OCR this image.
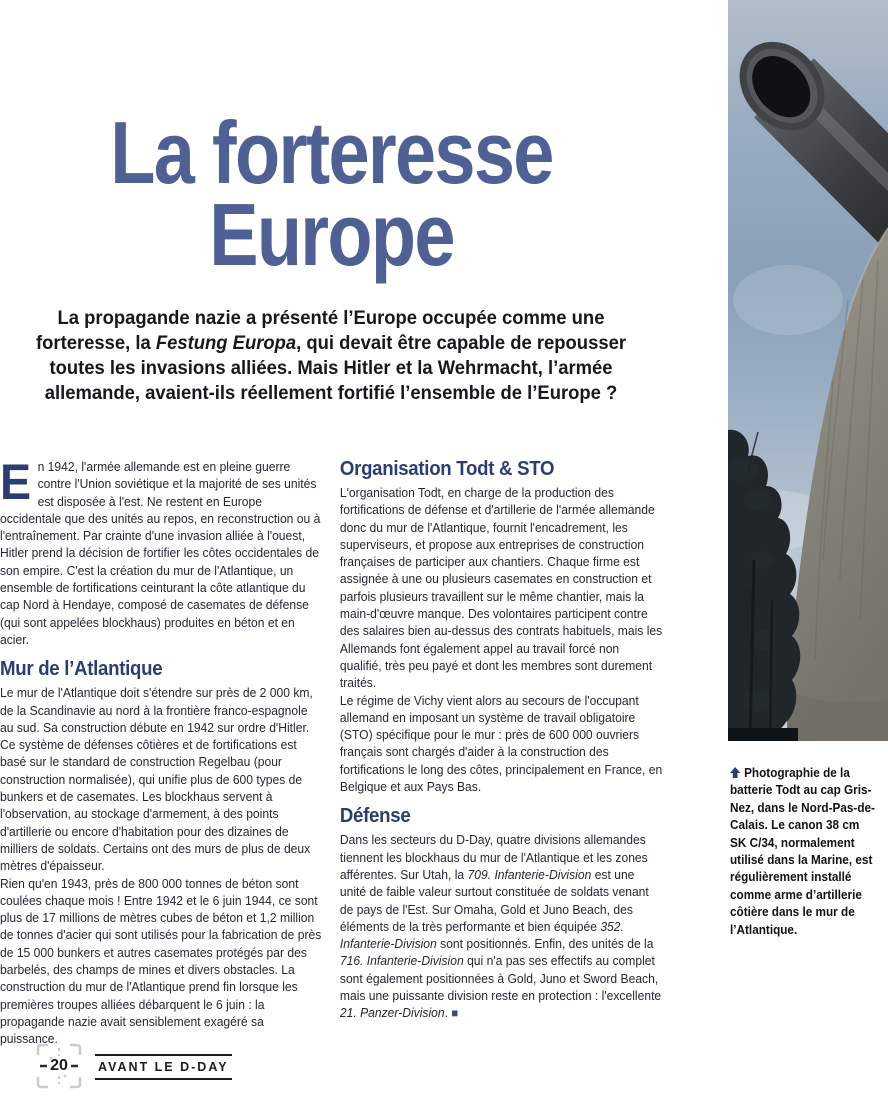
La forteresse
Europe

La propagande nazie a présenté l’Europe occupée comme une forteresse, la Festung Europa, qui devait être capable de repousser toutes les invasions alliées. Mais Hitler et la Wehrmacht, l’armée allemande, avaient-ils réellement fortifié l’ensemble de l’Europe ?

En 1942, l'armée allemande est en pleine guerre contre l'Union soviétique et la majorité de ses unités est disposée à l'est. Ne restent en Europe occidentale que des unités au repos, en reconstruction ou à l'entraînement. Par crainte d'une invasion alliée à l'ouest, Hitler prend la décision de fortifier les côtes occidentales de son empire. C'est la création du mur de l'Atlantique, un ensemble de fortifications ceinturant la côte atlantique du cap Nord à Hendaye, composé de casemates de défense (qui sont appelées blockhaus) produites en béton et en acier.

Mur de l’Atlantique

Le mur de l'Atlantique doit s'étendre sur près de 2 000 km, de la Scandinavie au nord à la frontière franco-espagnole au sud. Sa construction débute en 1942 sur ordre d'Hitler. Ce système de défenses côtières et de fortifications est basé sur le standard de construction Regelbau (pour construction normalisée), qui unifie plus de 600 types de bunkers et de casemates. Les blockhaus servent à l'observation, au stockage d'armement, à des points d'artillerie ou encore d'habitation pour des dizaines de milliers de soldats. Certains ont des murs de plus de deux mètres d'épaisseur.

Rien qu'en 1943, près de 800 000 tonnes de béton sont coulées chaque mois ! Entre 1942 et le 6 juin 1944, ce sont plus de 17 millions de mètres cubes de béton et 1,2 million de tonnes d'acier qui sont utilisés pour la fabrication de près de 15 000 bunkers et autres casemates protégés par des barbelés, des champs de mines et divers obstacles. La construction du mur de l'Atlantique prend fin lorsque les premières troupes alliées débarquent le 6 juin : la propagande nazie avait sensiblement exagéré sa puissance.

Organisation Todt & STO

L'organisation Todt, en charge de la production des fortifications de défense et d'artillerie de l'armée allemande donc du mur de l'Atlantique, fournit l'encadrement, les superviseurs, et propose aux entreprises de construction françaises de participer aux chantiers. Chaque firme est assignée à une ou plusieurs casemates en construction et parfois plusieurs travaillent sur le même chantier, mais la main-d'œuvre manque. Des volontaires participent contre des salaires bien au-dessus des contrats habituels, mais les Allemands font également appel au travail forcé non qualifié, très peu payé et dont les membres sont durement traités.

Le régime de Vichy vient alors au secours de l'occupant allemand en imposant un système de travail obligatoire (STO) spécifique pour le mur : près de 600 000 ouvriers français sont chargés d'aider à la construction des fortifications le long des côtes, principalement en France, en Belgique et aux Pays Bas.

Défense

Dans les secteurs du D-Day, quatre divisions allemandes tiennent les blockhaus du mur de l'Atlantique et les zones afférentes. Sur Utah, la 709. Infanterie-Division est une unité de faible valeur surtout constituée de soldats venant de pays de l'Est. Sur Omaha, Gold et Juno Beach, des éléments de la très performante et bien équipée 352. Infanterie-Division sont positionnés. Enfin, des unités de la 716. Infanterie-Division qui n'a pas ses effectifs au complet sont également positionnées à Gold, Juno et Sword Beach, mais une puissante division reste en protection : l'excellente 21. Panzer-Division. ■

Photographie de la batterie Todt au cap Gris-Nez, dans le Nord-Pas-de-Calais. Le canon 38 cm SK C/34, normalement utilisé dans la Marine, est régulièrement installé comme arme d’artillerie côtière dans le mur de l’Atlantique.
20	AVANT LE D-DAY
